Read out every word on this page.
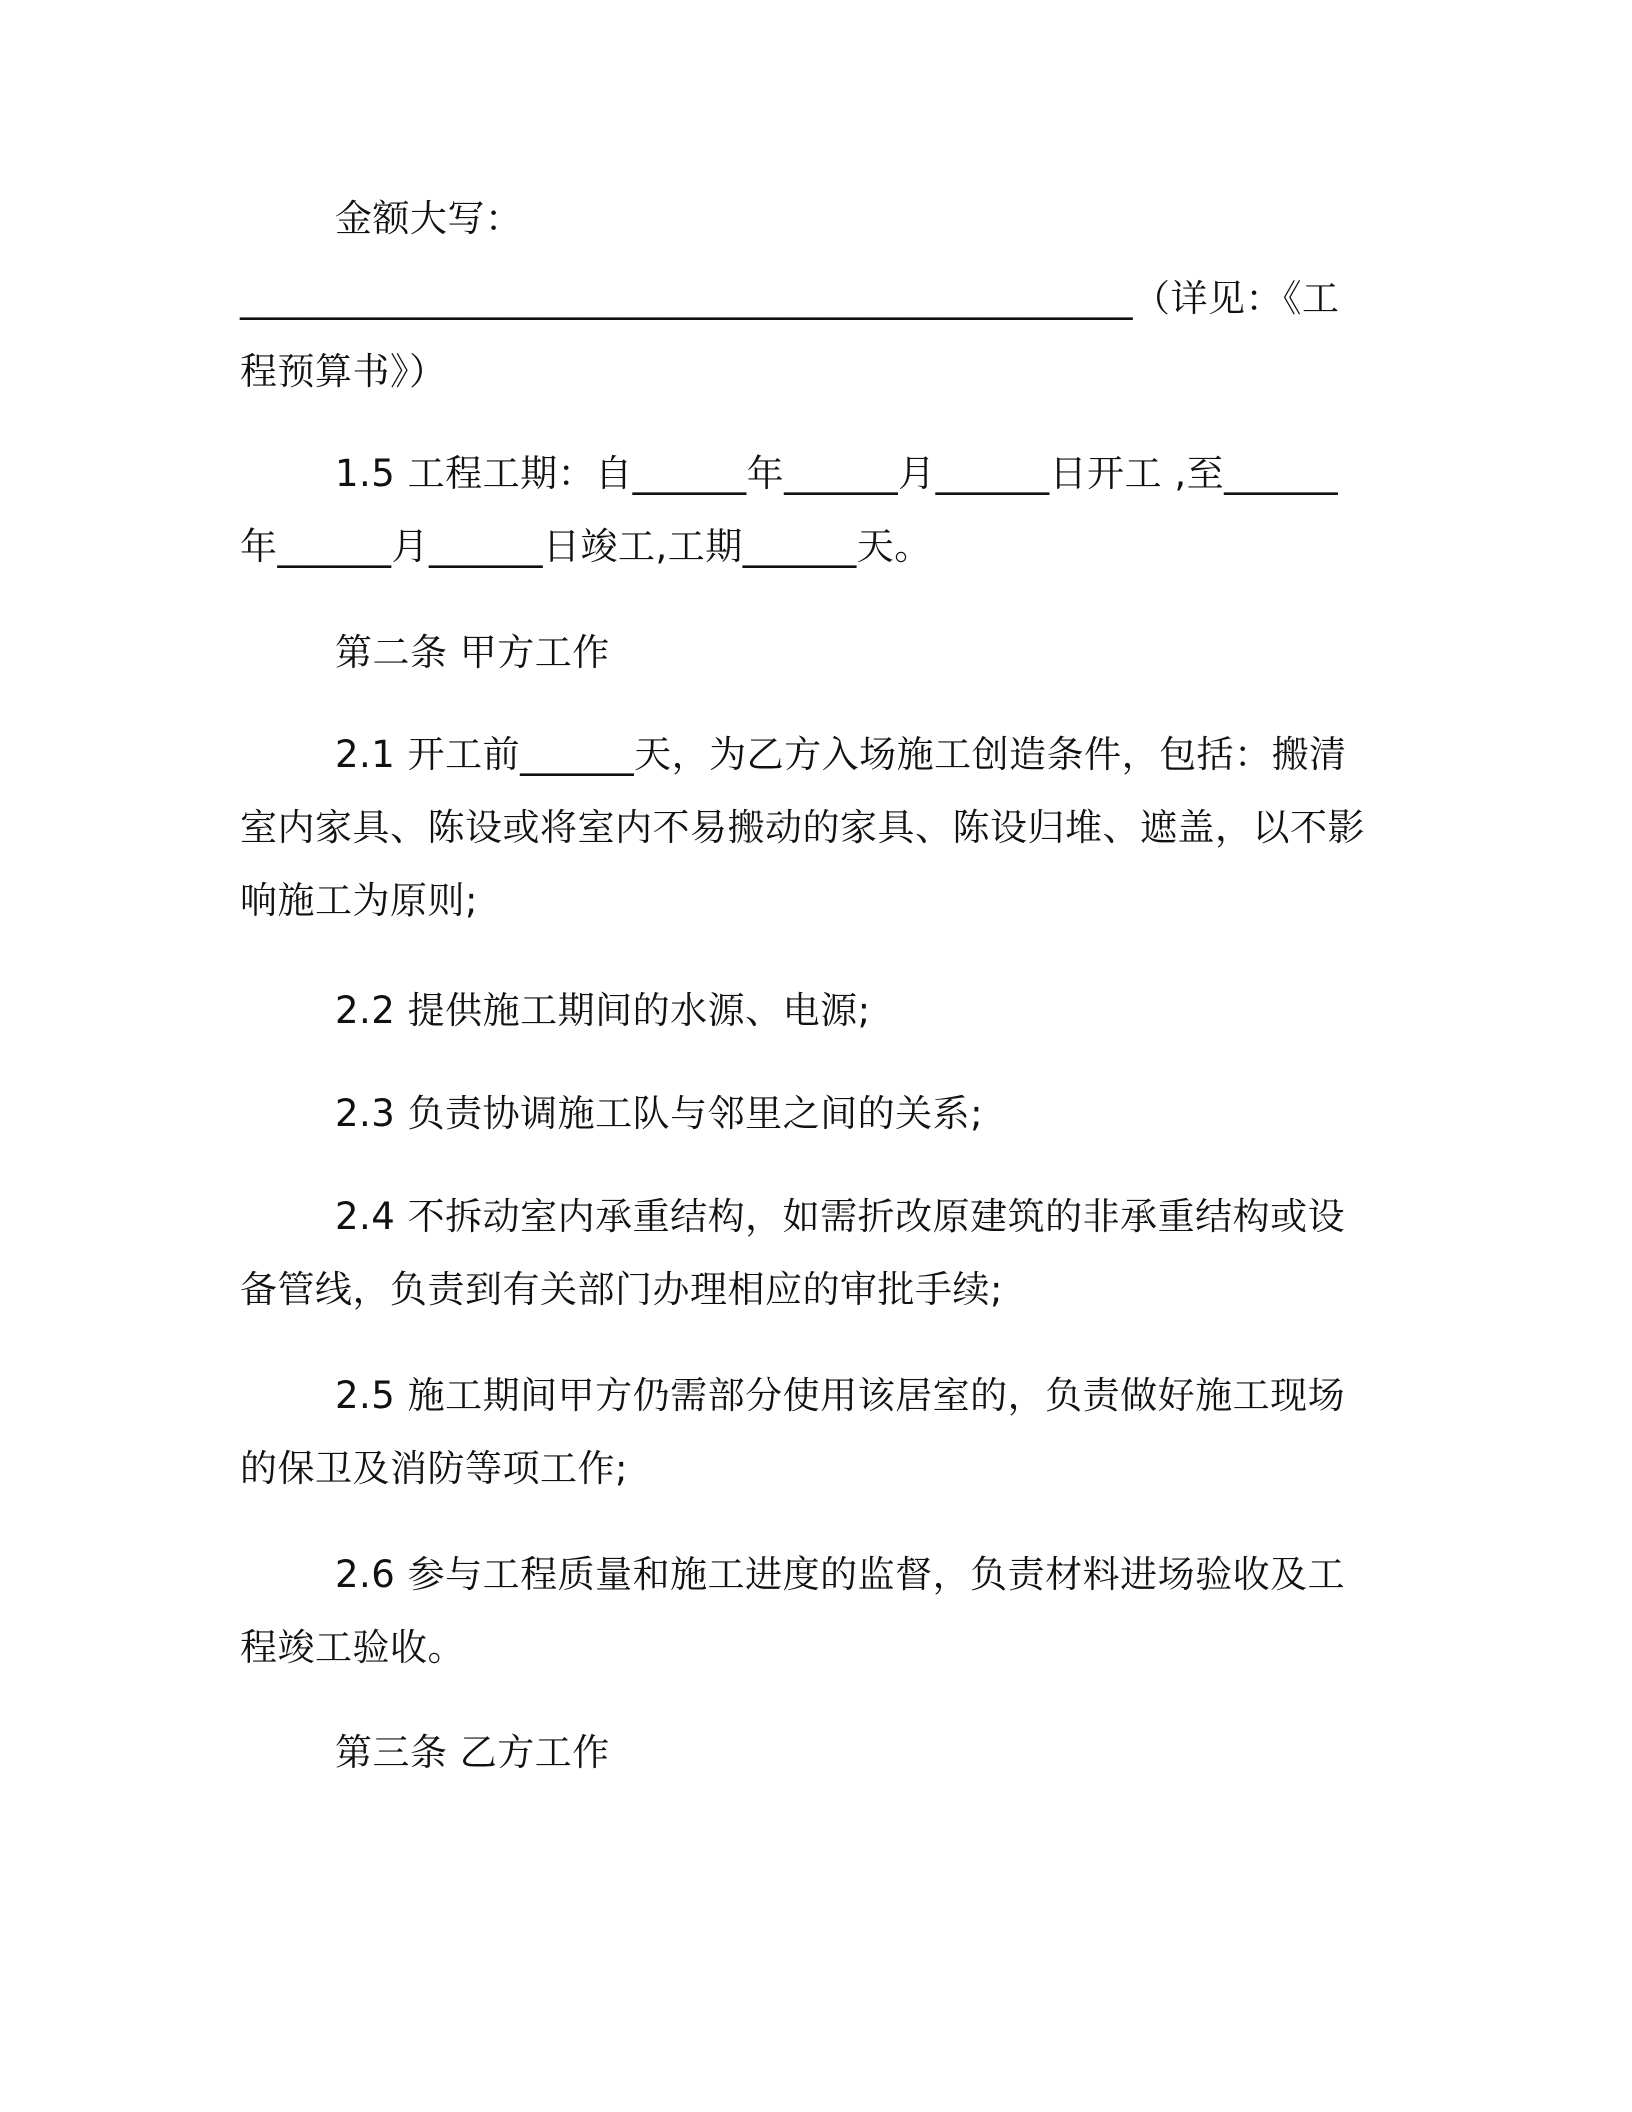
金额大写：

_______________________________________________（详见：《工程预算书》）

1.5 工程工期：自______年______月______日开工 ,至______年______月______日竣工,工期______天。

第二条 甲方工作

2.1 开工前______天，为乙方入场施工创造条件，包括：搬清室内家具、陈设或将室内不易搬动的家具、陈设归堆、遮盖，以不影响施工为原则;

2.2 提供施工期间的水源、电源;

2.3 负责协调施工队与邻里之间的关系;

2.4 不拆动室内承重结构，如需折改原建筑的非承重结构或设备管线，负责到有关部门办理相应的审批手续;

2.5 施工期间甲方仍需部分使用该居室的，负责做好施工现场的保卫及消防等项工作;

2.6 参与工程质量和施工进度的监督，负责材料进场验收及工程竣工验收。

第三条 乙方工作
